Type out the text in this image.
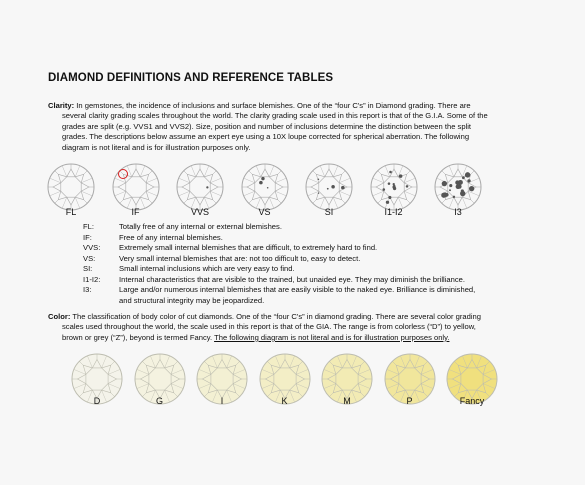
DIAMOND DEFINITIONS AND REFERENCE TABLES
Clarity: In gemstones, the incidence of inclusions and surface blemishes. One of the “four C's” in Diamond grading. There are
several clarity grading scales throughout the world. The clarity grading scale used in this report is that of the G.I.A. Some of the
grades are split (e.g. VVS1 and VVS2). Size, position and number of inclusions determine the distinction between the split
grades. The descriptions below assume an expert eye using a 10X loupe corrected for spherical aberration. The following
diagram is not literal and is for illustration purposes only.
FL	IF	VVS	VS	SI	I1-I2	I3
FL:	Totally free of any internal or external blemishes.
IF:	Free of any internal blemishes.
VVS: Extremely small internal blemishes that are difficult, to extremely hard to find.
VS:	Very small internal blemishes that are: not too difficult to, easy to detect.
SI:	Small internal inclusions which are very easy to find.
I1-I2: Internal characteristics that are visible to the trained, but unaided eye. They may diminish the brilliance.
I3:	Large and/or numerous internal blemishes that are easily visible to the naked eye. Brilliance is diminished,
and structural integrity may be jeopardized.
Color: The classification of body color of cut diamonds. One of the “four C's” in diamond grading. There are several color grading
scales used throughout the world, the scale used in this report is that of the GIA. The range is from colorless (“D”) to yellow,
brown or grey (“Z”), beyond is termed Fancy. The following diagram is not literal and is for illustration purposes only.
D	G	I	K	M	P	Fancy
